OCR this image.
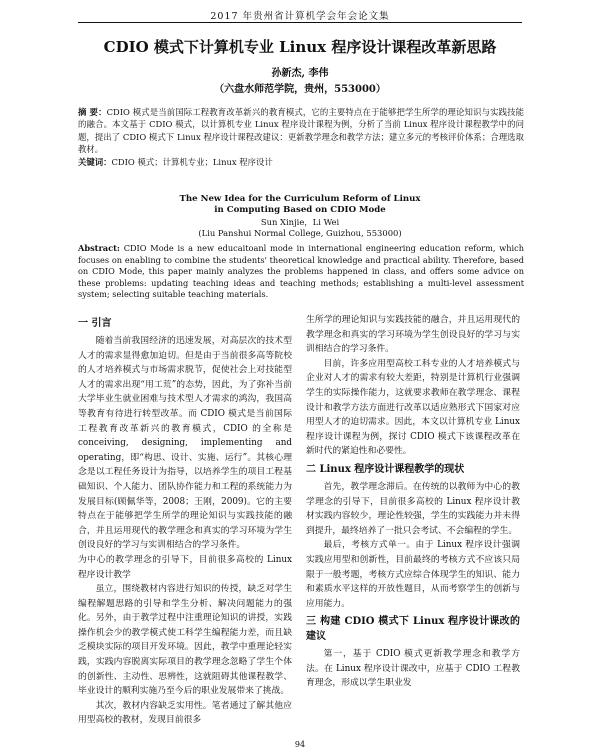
2017 年贵州省计算机学会年会论文集
CDIO 模式下计算机专业 Linux 程序设计课程改革新思路
孙新杰, 李伟
（六盘水师范学院，贵州，553000）
摘 要：CDIO 模式是当前国际工程教育改革新兴的教育模式，它的主要特点在于能够把学生所学的理论知识与实践技能的融合。本文基于 CDIO 模式，以计算机专业 Linux 程序设计课程为例，分析了当前 Linux 程序设计课程教学中的问题，提出了 CDIO 模式下 Linux 程序设计课程改建议：更新教学理念和教学方法；建立多元的考核评价体系；合理选取教材。
关键词：CDIO 模式；计算机专业；Linux 程序设计
The New Idea for the Curriculum Reform of Linux
in Computing Based on CDIO Mode
Sun Xinjie，Li Wei
(Liu Panshui Normal College, Guizhou, 553000)
Abstract: CDIO Mode is a new educaitoanl mode in international engineering education reform, which focuses on enabling to combine the students' theoretical knowledge and practical ability. Therefore, based on CDIO Mode, this paper mainly analyzes the problems happened in class, and offers some advice on these problems: updating teaching ideas and teaching methods; establishing a multi-level assessment system; selecting suitable teaching materials.
一 引言

随着当前我国经济的迅速发展，对高层次的技术型人才的需求显得愈加迫切。但是由于当前很多高等院校的人才培养模式与市场需求脱节，促使社会上对技能型人才的需求出现“用工荒”的态势，因此，为了弥补当前大学毕业生就业困难与技术型人才需求的鸿沟，我国高等教育有待进行转型改革。而 CDIO 模式是当前国际工程教育改革新兴的教育模式，CDIO 的全称是 conceiving, designing, implementing and operating，即“构思、设计、实施、运行”。其核心理念是以工程任务设计为指导，以培养学生的项目工程基础知识、个人能力、团队协作能力和工程的系统能力为发展目标(顾佩华等，2008；王刚，2009)。它的主要特点在于能够把学生所学的理论知识与实践技能的融合，并且运用现代的教学理念和真实的学习环境为学生创设良好的学习与实训相结合的学习条件。

为中心的教学理念的引导下，目前很多高校的 Linux 程序设计教学

虽立，围绕教材内容进行知识的传授，缺乏对学生编程解题思路的引导和学生分析、解决问题能力的强化。另外，由于教学过程中注重理论知识的讲授，实践操作机会少的教学模式使工科学生编程能力差，而且缺乏模块实际的项目开发环境。因此，教学中重理论轻实践，实践内容脱离实际项目的教学理念忽略了学生个体的创新性、主动性、思辨性，这就阻碍其他课程教学、毕业设计的顺利实施乃至今后的职业发展带来了挑战。

其次，教材内容缺乏实用性。笔者通过了解其他应用型高校的教材，发现目前很多

生所学的理论知识与实践技能的融合，并且运用现代的教学理念和真实的学习环境为学生创设良好的学习与实训相结合的学习条件。

目前，许多应用型高校工科专业的人才培养模式与企业对人才的需求有较大差距，特别是计算机行业强调学生的实际操作能力，这就要求教师在教学理念、课程设计和教学方法方面进行改革以适应熟形式下国家对应用型人才的迫切需求。因此，本文以计算机专业 Linux 程序设计课程为例，探讨 CDIO 模式下该课程改革在新时代的紧迫性和必要性。

二 Linux 程序设计课程教学的现状

首先，教学理念滞后。在传统的以教师为中心的教学理念的引导下，目前很多高校的 Linux 程序设计教材实践内容较少，理论性较强，学生的实践能力并未得到提升，最终培养了一批只会考试、不会编程的学生。

最后，考核方式单一。由于 Linux 程序设计强调实践应用型和创新性，目前最终的考核方式不应该只局限于一般考题，考核方式应综合体现学生的知识、能力和素质水平这样的开放性题目，从而考察学生的创新与应用能力。

三 构建 CDIO 模式下 Linux 程序设计课改的建议

第一，基于 CDIO 模式更新教学理念和教学方法。在 Linux 程序设计课改中，应基于 CDIO 工程教育理念，形成以学生职业发

94
